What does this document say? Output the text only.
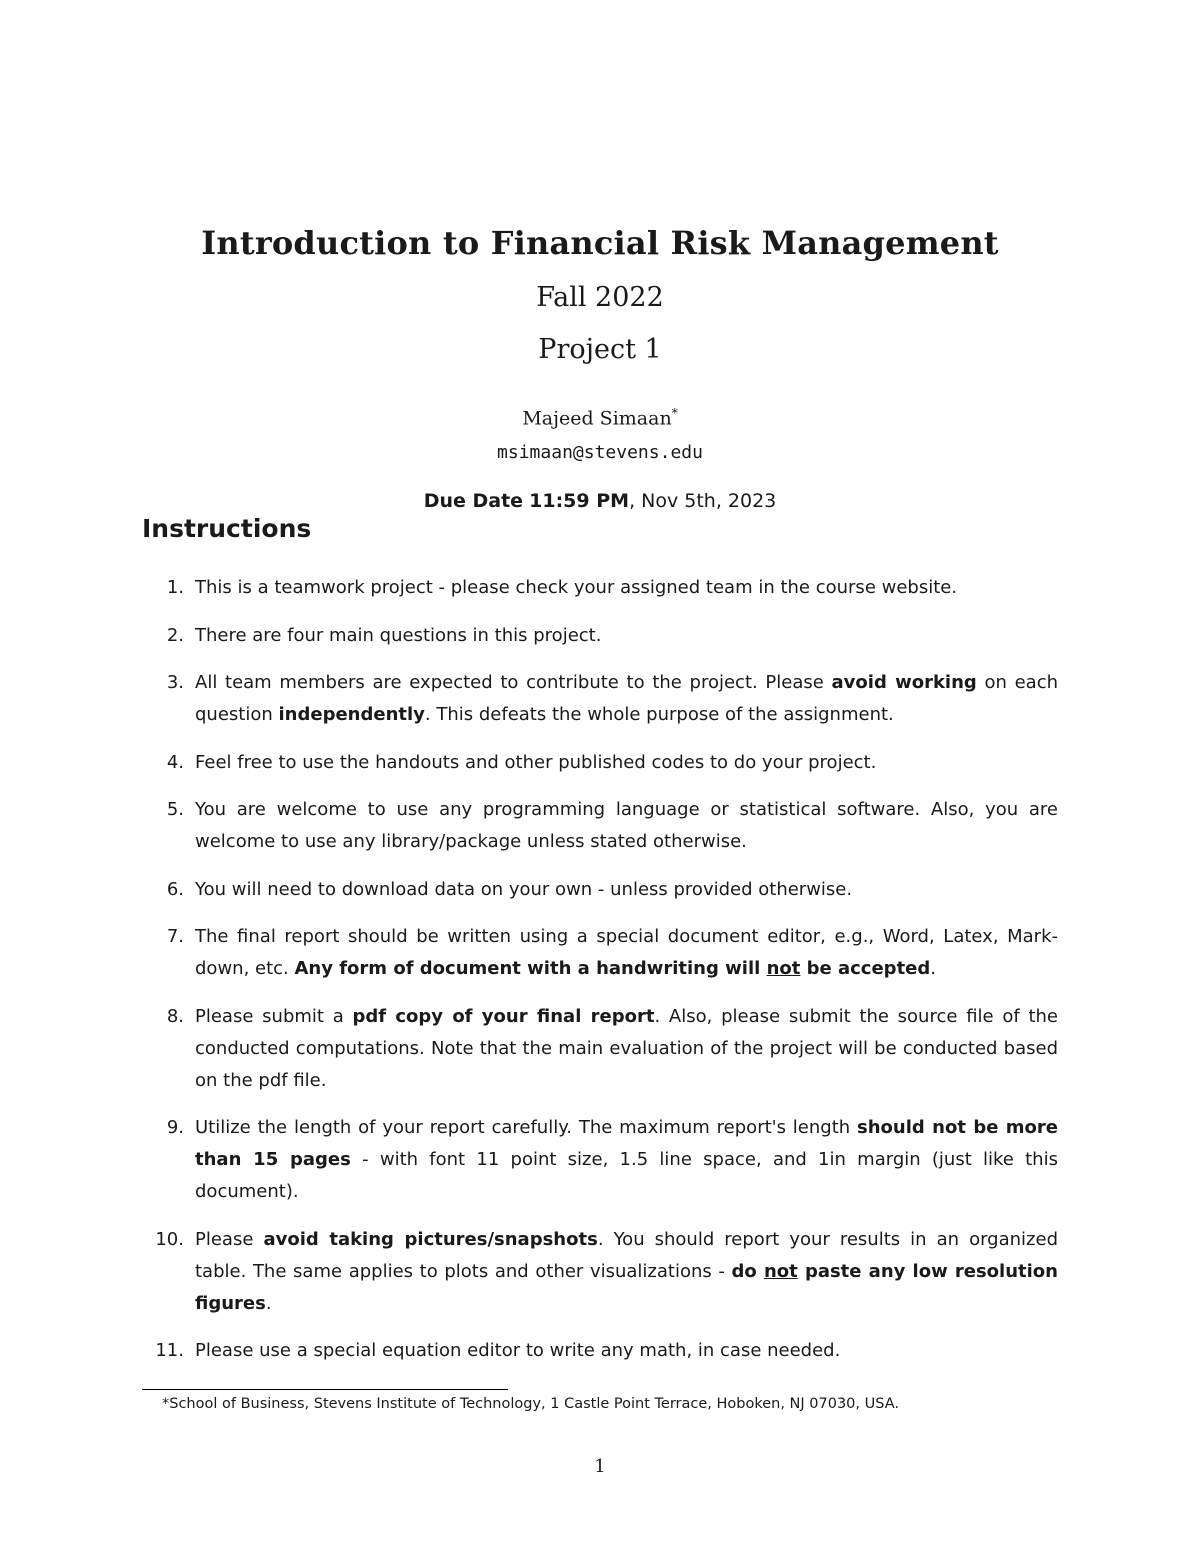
Introduction to Financial Risk Management
Fall 2022
Project 1
Majeed Simaan*
msimaan@stevens.edu
Due Date 11:59 PM, Nov 5th, 2023
Instructions
1. This is a teamwork project - please check your assigned team in the course website.
2. There are four main questions in this project.
3. All team members are expected to contribute to the project. Please avoid working on each question independently. This defeats the whole purpose of the assignment.
4. Feel free to use the handouts and other published codes to do your project.
5. You are welcome to use any programming language or statistical software. Also, you are welcome to use any library/package unless stated otherwise.
6. You will need to download data on your own - unless provided otherwise.
7. The final report should be written using a special document editor, e.g., Word, Latex, Mark-down, etc. Any form of document with a handwriting will not be accepted.
8. Please submit a pdf copy of your final report. Also, please submit the source file of the conducted computations. Note that the main evaluation of the project will be conducted based on the pdf file.
9. Utilize the length of your report carefully. The maximum report's length should not be more than 15 pages - with font 11 point size, 1.5 line space, and 1in margin (just like this document).
10. Please avoid taking pictures/snapshots. You should report your results in an organized table. The same applies to plots and other visualizations - do not paste any low resolution figures.
11. Please use a special equation editor to write any math, in case needed.
*School of Business, Stevens Institute of Technology, 1 Castle Point Terrace, Hoboken, NJ 07030, USA.
1
